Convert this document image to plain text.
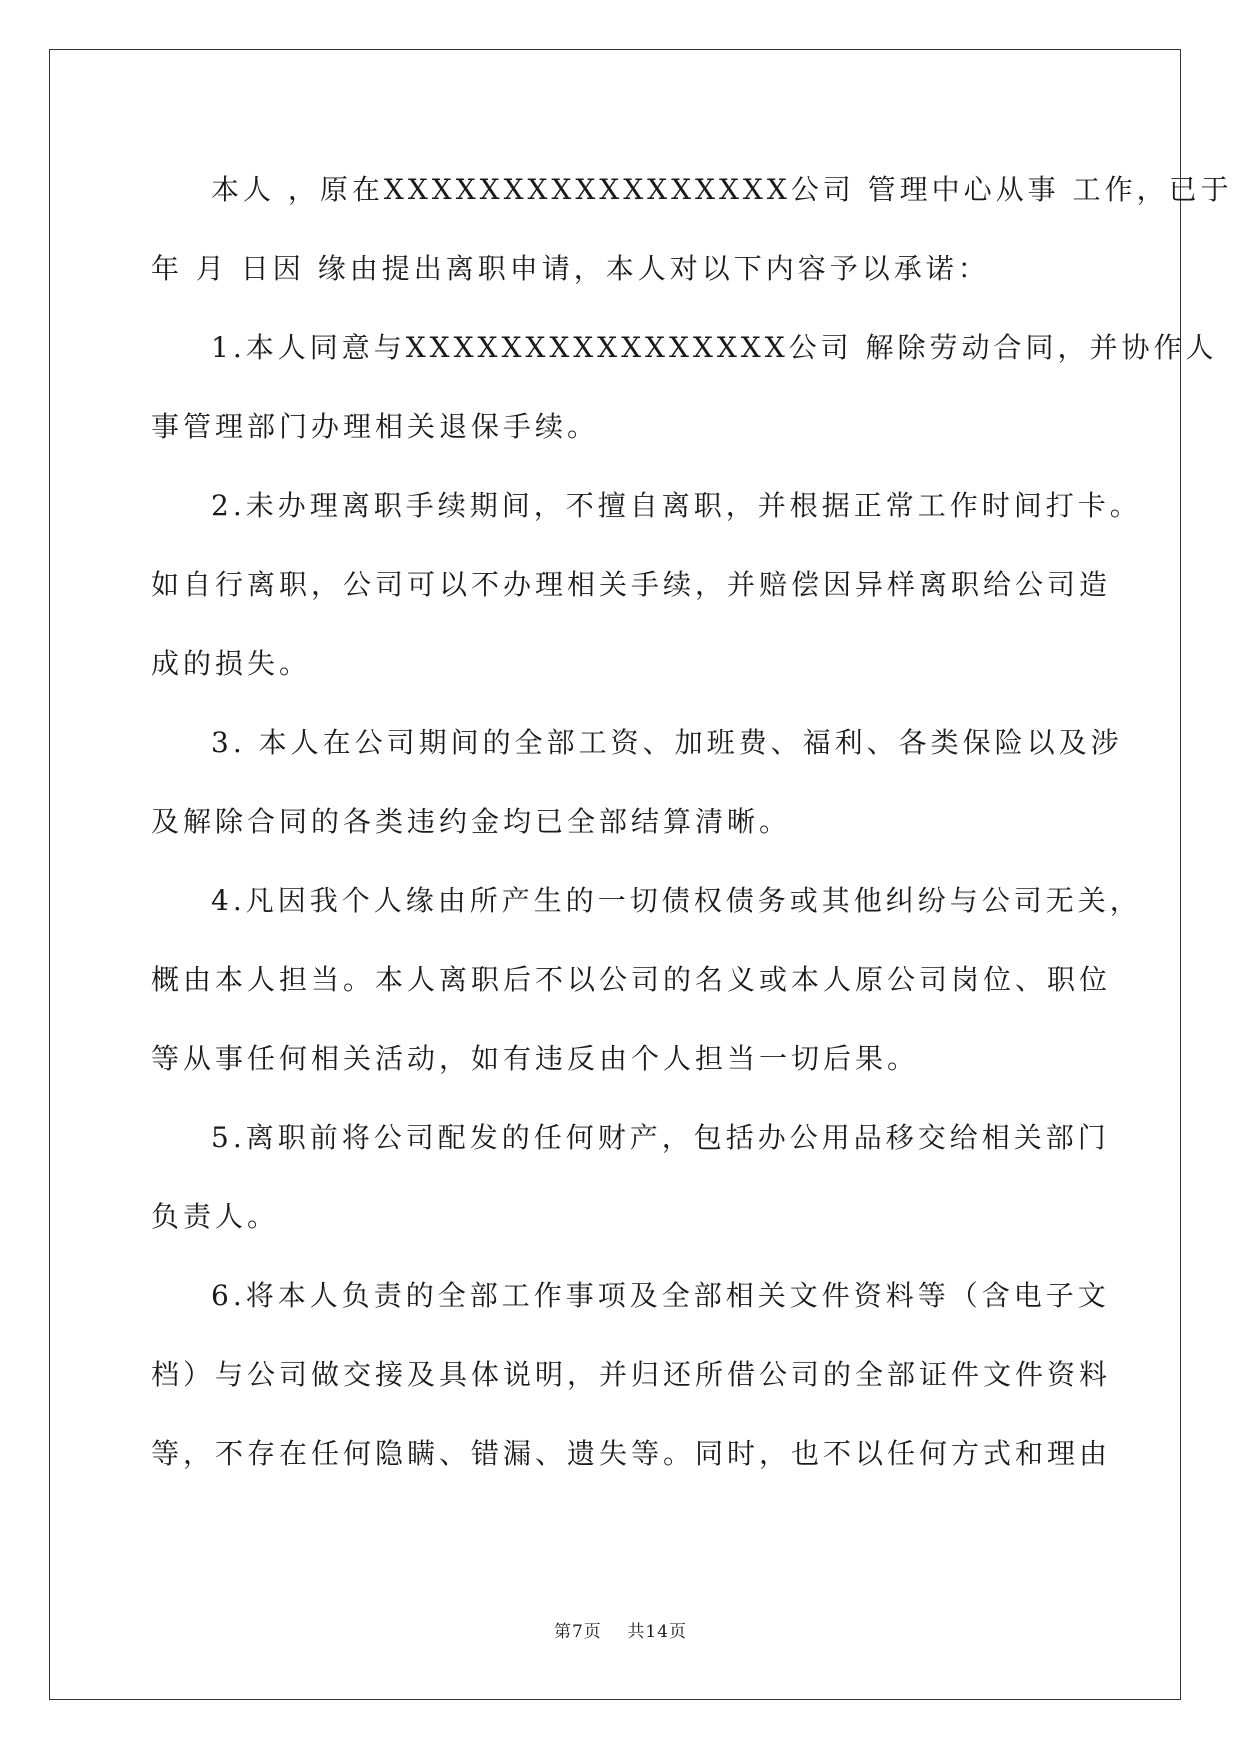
本人 ，原在XXXXXXXXXXXXXXXXX公司 管理中心从事 工作，已于
年 月 日因 缘由提出离职申请，本人对以下内容予以承诺：
1.本人同意与XXXXXXXXXXXXXXXX公司 解除劳动合同，并协作人
事管理部门办理相关退保手续。
2.未办理离职手续期间，不擅自离职，并根据正常工作时间打卡。
如自行离职，公司可以不办理相关手续，并赔偿因异样离职给公司造
成的损失。
3. 本人在公司期间的全部工资、加班费、福利、各类保险以及涉
及解除合同的各类违约金均已全部结算清晰。
4.凡因我个人缘由所产生的一切债权债务或其他纠纷与公司无关，
概由本人担当。本人离职后不以公司的名义或本人原公司岗位、职位
等从事任何相关活动，如有违反由个人担当一切后果。
5.离职前将公司配发的任何财产，包括办公用品移交给相关部门
负责人。
6.将本人负责的全部工作事项及全部相关文件资料等（含电子文
档）与公司做交接及具体说明，并归还所借公司的全部证件文件资料
等，不存在任何隐瞒、错漏、遗失等。同时，也不以任何方式和理由
第7页    共14页
